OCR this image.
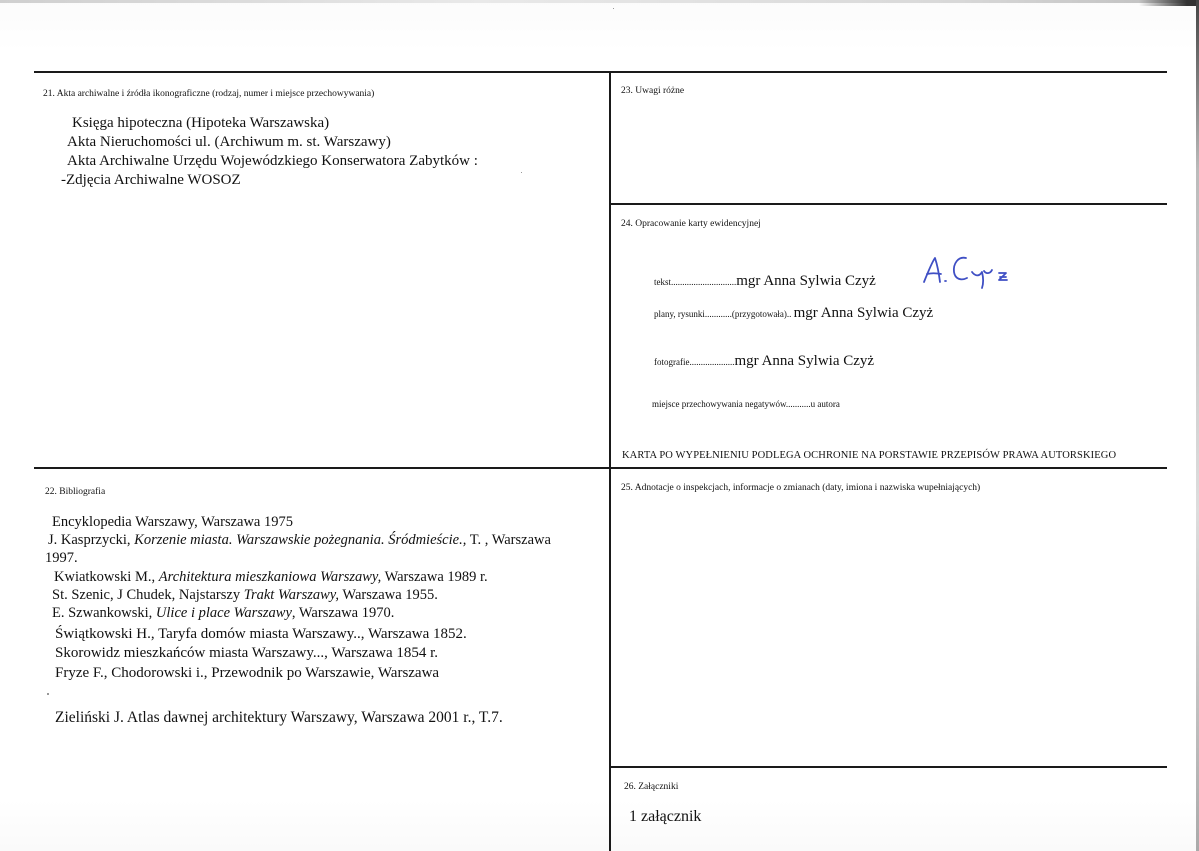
21. Akta archiwalne i źródła ikonograficzne (rodzaj, numer i miejsce przechowywania)
Księga hipoteczna (Hipoteka Warszawska)
Akta Nieruchomości ul. (Archiwum m. st. Warszawy)
Akta Archiwalne Urzędu Wojewódzkiego Konserwatora Zabytków :
-Zdjęcia Archiwalne WOSOZ
23. Uwagi różne
24. Opracowanie karty ewidencyjnej
tekst.............................mgr Anna Sylwia Czyż
plany, rysunki............(przygotowała).. mgr Anna Sylwia Czyż
fotografie....................mgr Anna Sylwia Czyż
miejsce przechowywania negatywów...........u autora
KARTA PO WYPEŁNIENIU PODLEGA OCHRONIE NA PORSTAWIE PRZEPISÓW PRAWA AUTORSKIEGO
22. Bibliografia
Encyklopedia Warszawy, Warszawa 1975
J. Kasprzycki, Korzenie miasta. Warszawskie pożegnania. Śródmieście., T. , Warszawa
1997.
Kwiatkowski M., Architektura mieszkaniowa Warszawy, Warszawa 1989 r.
St. Szenic, J Chudek, Najstarszy Trakt Warszawy, Warszawa 1955.
E. Szwankowski, Ulice i place Warszawy, Warszawa 1970.
Świątkowski H., Taryfa domów miasta Warszawy.., Warszawa 1852.
Skorowidz mieszkańców miasta Warszawy..., Warszawa 1854 r.
Fryze F., Chodorowski i., Przewodnik po Warszawie, Warszawa
Zieliński J. Atlas dawnej architektury Warszawy, Warszawa 2001 r., T.7.
25. Adnotacje o inspekcjach, informacje o zmianach (daty, imiona i nazwiska wupełniających)
26. Załączniki
1 załącznik
